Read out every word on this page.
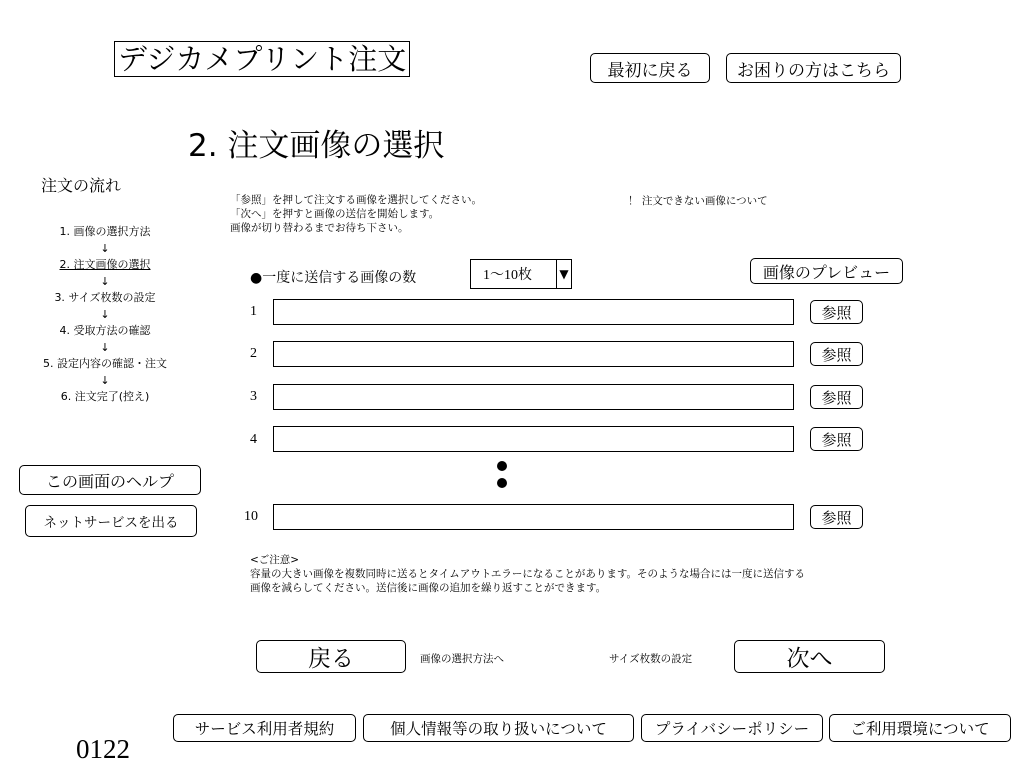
デジカメプリント注文	最初に戻る	お困りの方はこちら
2. 注文画像の選択
注文の流れ
1. 画像の選択方法
↓
2. 注文画像の選択
↓
3. サイズ枚数の設定
↓
4. 受取方法の確認
↓
5. 設定内容の確認・注文
↓
6. 注文完了(控え)
この画面のヘルプ
ネットサービスを出る
「参照」を押して注文する画像を選択してください。
「次へ」を押すと画像の送信を開始します。
画像が切り替わるまでお待ち下さい。
！ 注文できない画像について
●一度に送信する画像の数	1〜10枚	▼	画像のプレビュー
1	参照
2	参照
3	参照
4	参照
10	参照
<ご注意>
容量の大きい画像を複数同時に送るとタイムアウトエラーになることがあります。そのような場合には一度に送信する
画像を減らしてください。送信後に画像の追加を繰り返すことができます。
戻る	画像の選択方法へ	サイズ枚数の設定	次へ
0122
サービス利用者規約	個人情報等の取り扱いについて	プライバシーポリシー	ご利用環境について
